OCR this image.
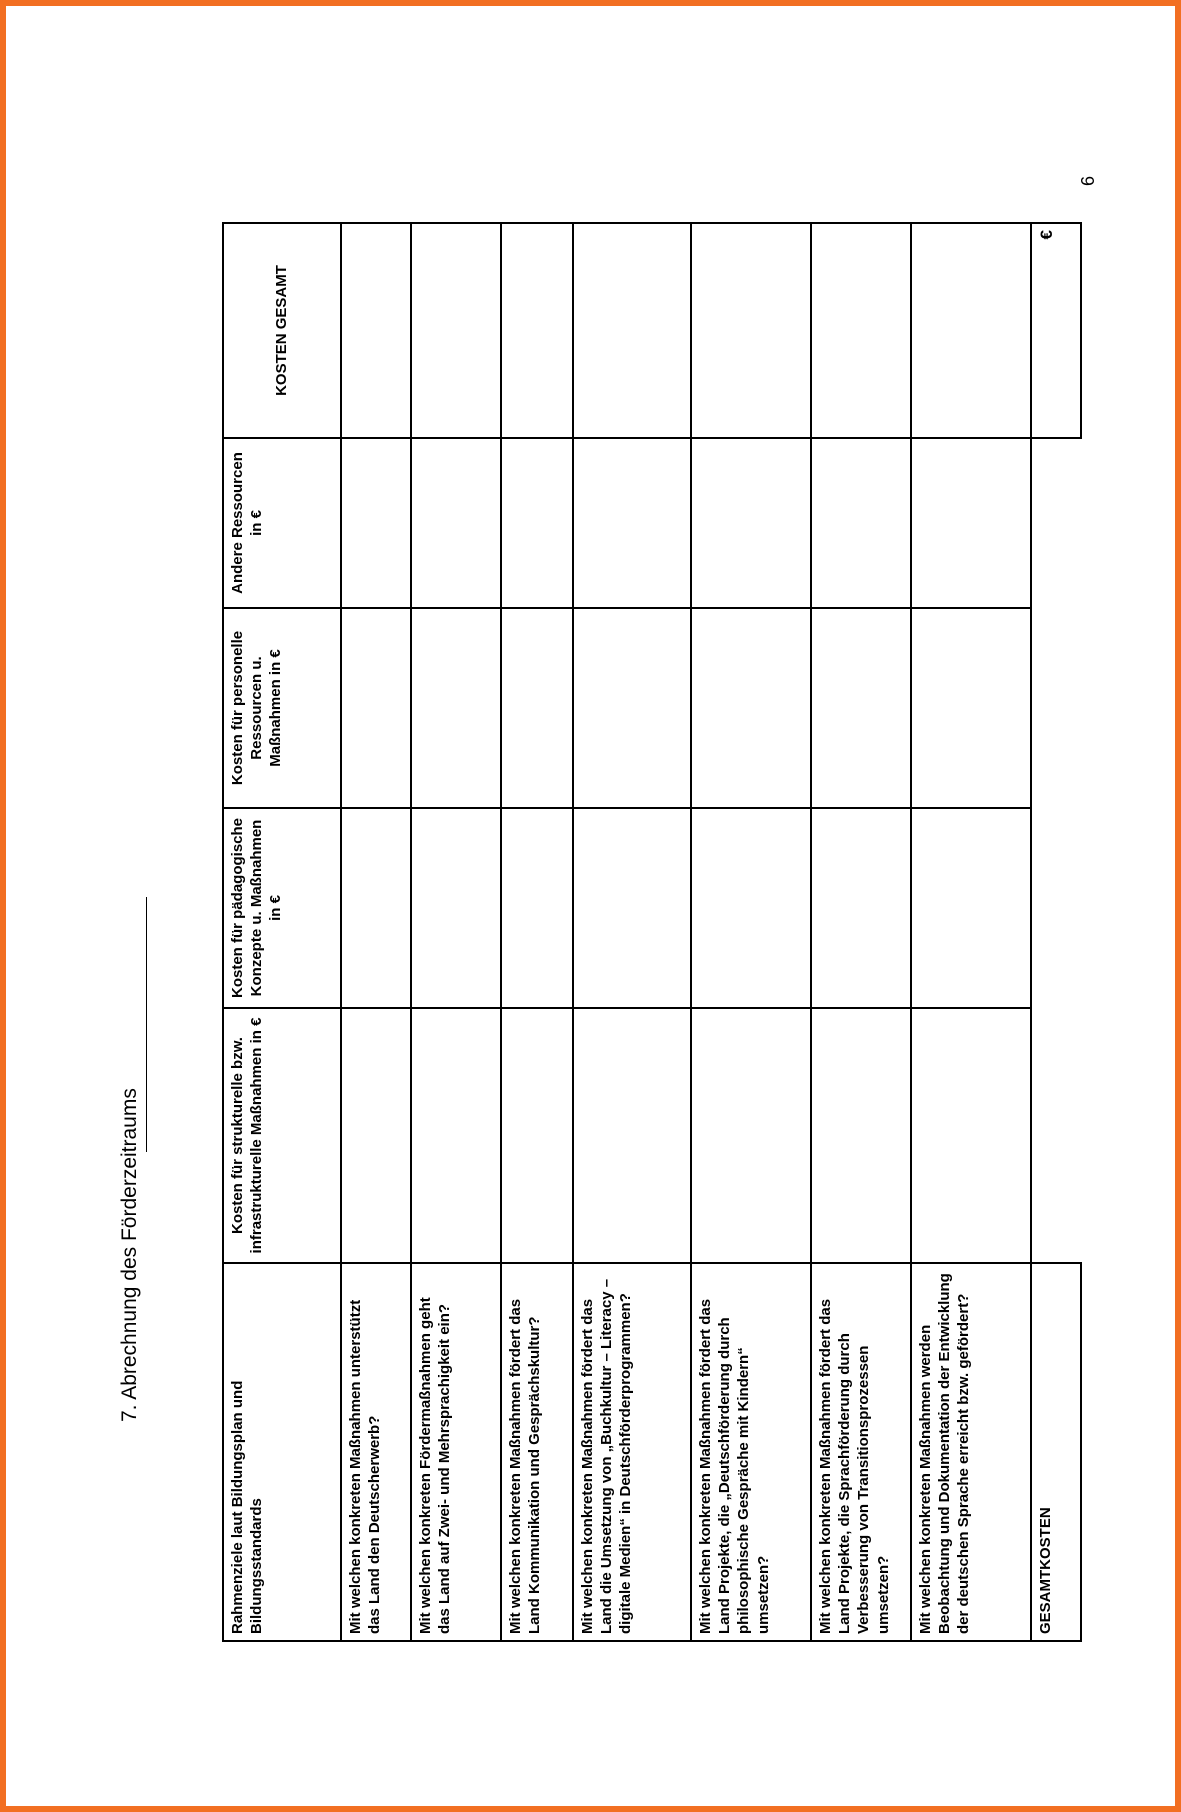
6
7. Abrechnung des Förderzeitraums
Rahmenziele laut Bildungsplan und Bildungsstandards	Kosten für strukturelle bzw. infrastrukturelle Maßnahmen in €	Kosten für pädagogische Konzepte u. Maßnahmen in €	Kosten für personelle Ressourcen u. Maßnahmen in €	Andere Ressourcen in €	KOSTEN GESAMT
Mit welchen konkreten Maßnahmen unterstützt das Land den Deutscherwerb?					
Mit welchen konkreten Fördermaßnahmen geht das Land auf Zwei- und Mehrsprachigkeit ein?					
Mit welchen konkreten Maßnahmen fördert das Land Kommunikation und Gesprächskultur?					
Mit welchen konkreten Maßnahmen fördert das Land die Umsetzung von „Buchkultur – Literacy – digitale Medien“ in Deutschförderprogrammen?					
Mit welchen konkreten Maßnahmen fördert das Land Projekte, die „Deutschförderung durch philosophische Gespräche mit Kindern“ umsetzen?					
Mit welchen konkreten Maßnahmen fördert das Land Projekte, die Sprachförderung durch Verbesserung von Transitionsprozessen umsetzen?					
Mit welchen konkreten Maßnahmen werden Beobachtung und Dokumentation der Entwicklung der deutschen Sprache erreicht bzw. gefördert?					
GESAMTKOSTEN					€
